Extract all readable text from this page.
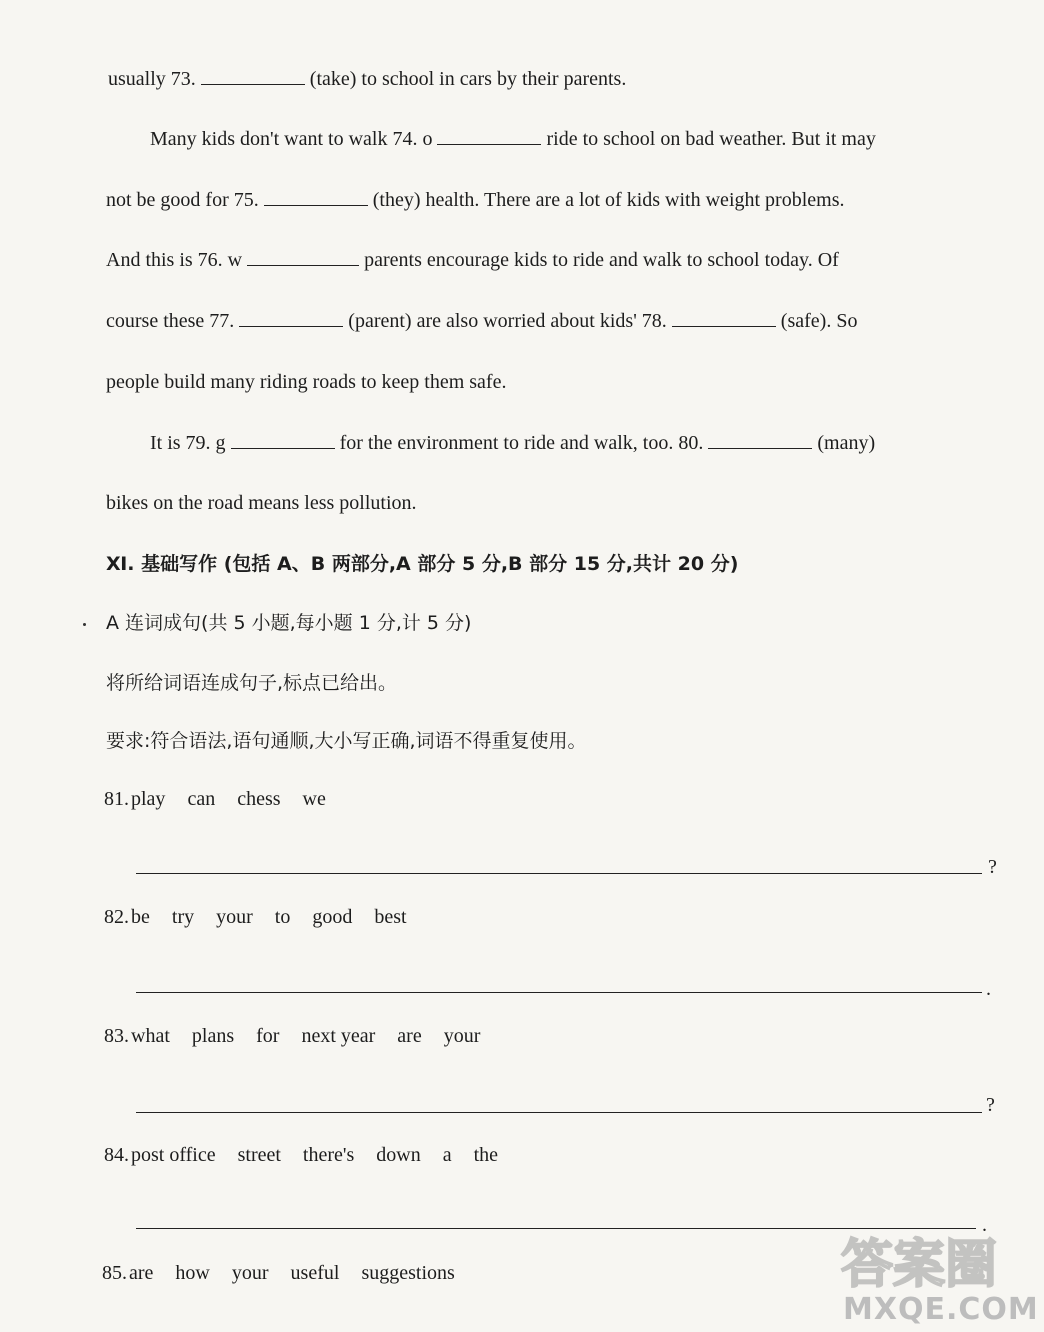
usually 73.	(take) to school in cars by their parents.
Many kids don't want to walk 74. o	ride to school on bad weather. But it may
not be good for 75.	(they) health. There are a lot of kids with weight problems.
And this is 76. w	parents encourage kids to ride and walk to school today. Of
course these 77.	(parent) are also worried about kids' 78.	(safe). So
people build many riding roads to keep them safe.
It is 79. g	for the environment to ride and walk, too. 80.	(many)
bikes on the road means less pollution.
Ⅺ. 基础写作 (包括 A、B 两部分,A 部分 5 分,B 部分 15 分,共计 20 分)
A 连词成句(共 5 小题,每小题 1 分,计 5 分)
将所给词语连成句子,标点已给出。
要求:符合语法,语句通顺,大小写正确,词语不得重复使用。
81. play can chess we
?
82. be try your to good best
.
83. what plans for next year are your
?
84. post office street there's down a the
.
85. are how your useful suggestions	答案圈
MXQE.COM
